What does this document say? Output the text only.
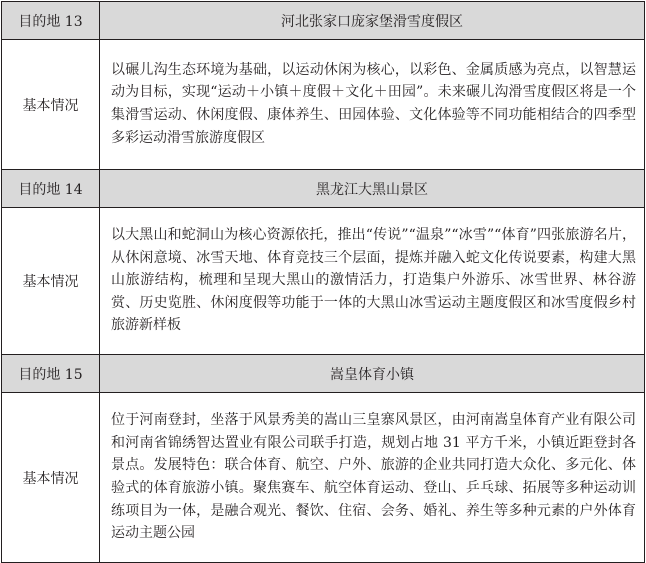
目的地 13	河北张家口庞家堡滑雪度假区
基本情况	以碾儿沟生态环境为基础，以运动休闲为核心，以彩色、金属质感为亮点，以智慧运动为目标，实现“运动＋小镇＋度假＋文化＋田园”。未来碾儿沟滑雪度假区将是一个集滑雪运动、休闲度假、康体养生、田园体验、文化体验等不同功能相结合的四季型多彩运动滑雪旅游度假区
目的地 14	黑龙江大黑山景区
基本情况	以大黑山和蛇洞山为核心资源依托，推出“传说”“温泉”“冰雪”“体育”四张旅游名片，从休闲意境、冰雪天地、体育竞技三个层面，提炼并融入蛇文化传说要素，构建大黑山旅游结构，梳理和呈现大黑山的激情活力，打造集户外游乐、冰雪世界、林谷游赏、历史览胜、休闲度假等功能于一体的大黑山冰雪运动主题度假区和冰雪度假乡村旅游新样板
目的地 15	嵩皇体育小镇
基本情况	位于河南登封，坐落于风景秀美的嵩山三皇寨风景区，由河南嵩皇体育产业有限公司和河南省锦绣智达置业有限公司联手打造，规划占地 31 平方千米，小镇近距登封各景点。发展特色：联合体育、航空、户外、旅游的企业共同打造大众化、多元化、体验式的体育旅游小镇。聚焦赛车、航空体育运动、登山、乒乓球、拓展等多种运动训练项目为一体，是融合观光、餐饮、住宿、会务、婚礼、养生等多种元素的户外体育运动主题公园
